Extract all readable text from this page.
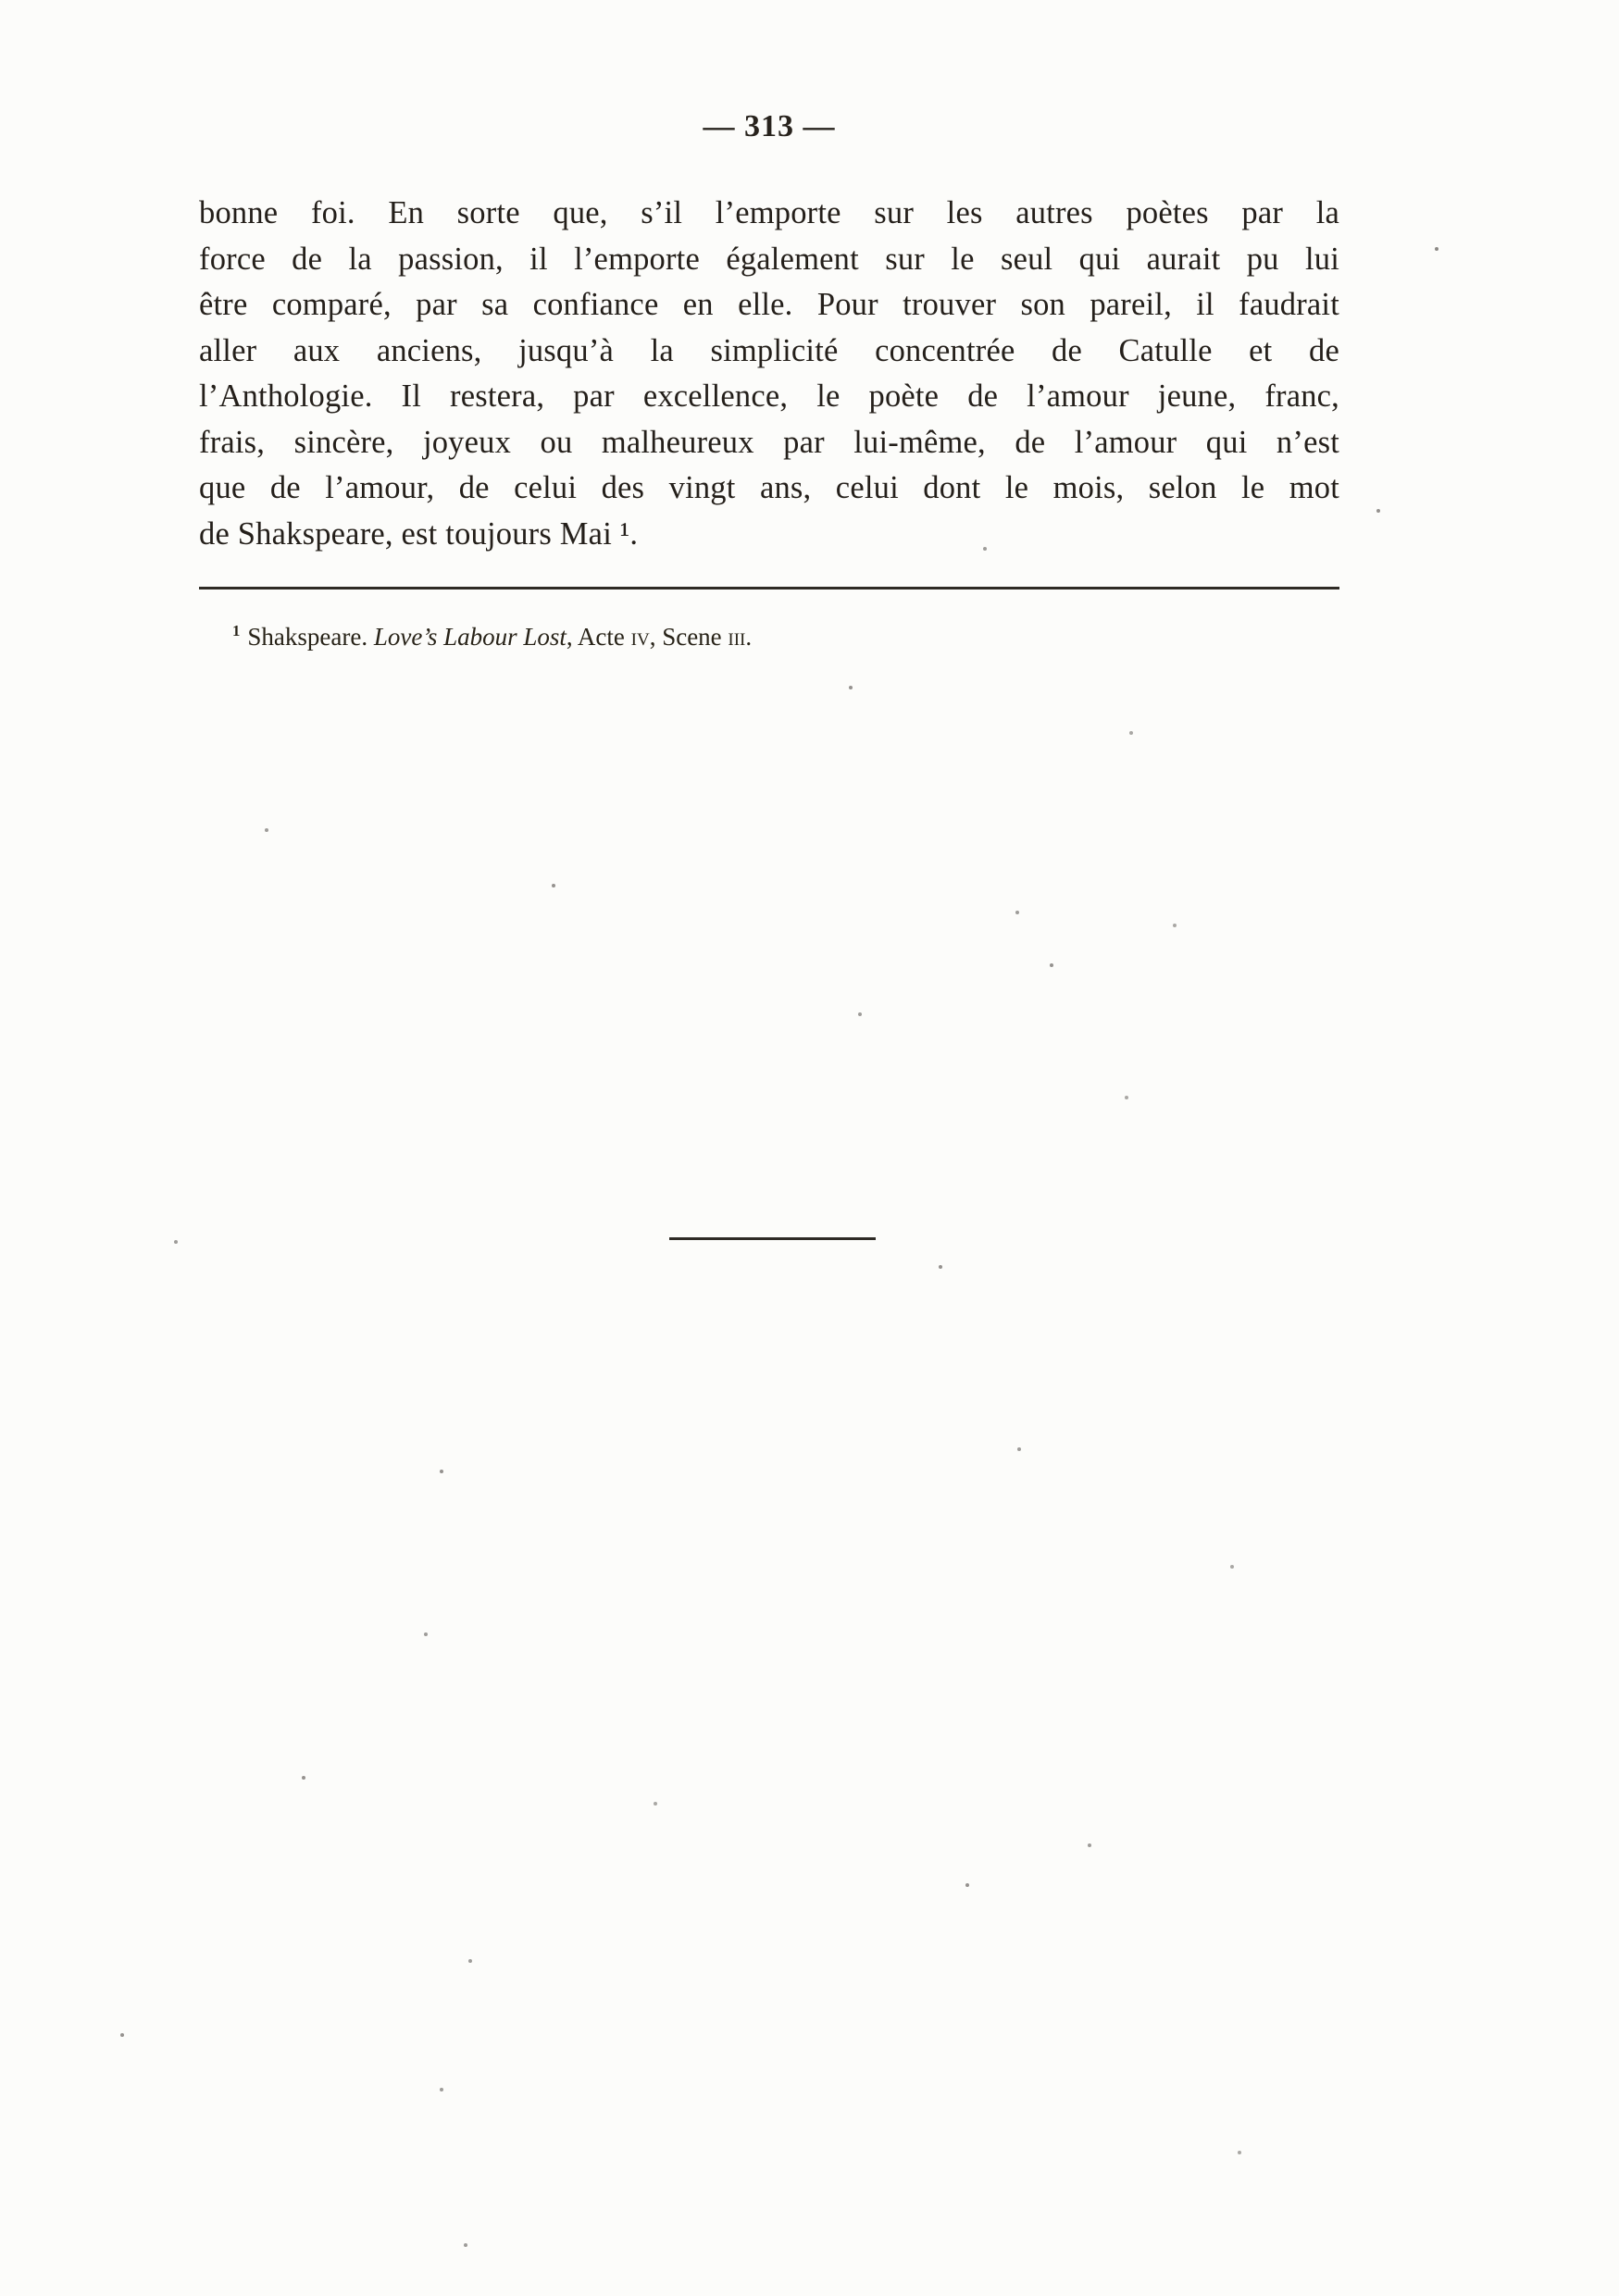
— 313 —
bonne foi. En sorte que, s’il l’emporte sur les autres poètes par la
force de la passion, il l’emporte également sur le seul qui aurait pu lui
être comparé, par sa confiance en elle. Pour trouver son pareil, il faudrait
aller aux anciens, jusqu’à la simplicité concentrée de Catulle et de
l’Anthologie. Il restera, par excellence, le poète de l’amour jeune, franc,
frais, sincère, joyeux ou malheureux par lui-même, de l’amour qui n’est
que de l’amour, de celui des vingt ans, celui dont le mois, selon le mot
de Shakspeare, est toujours Mai ¹.
$^1$ Shakspeare. Love’s Labour Lost, Acte iv, Scene iii.
